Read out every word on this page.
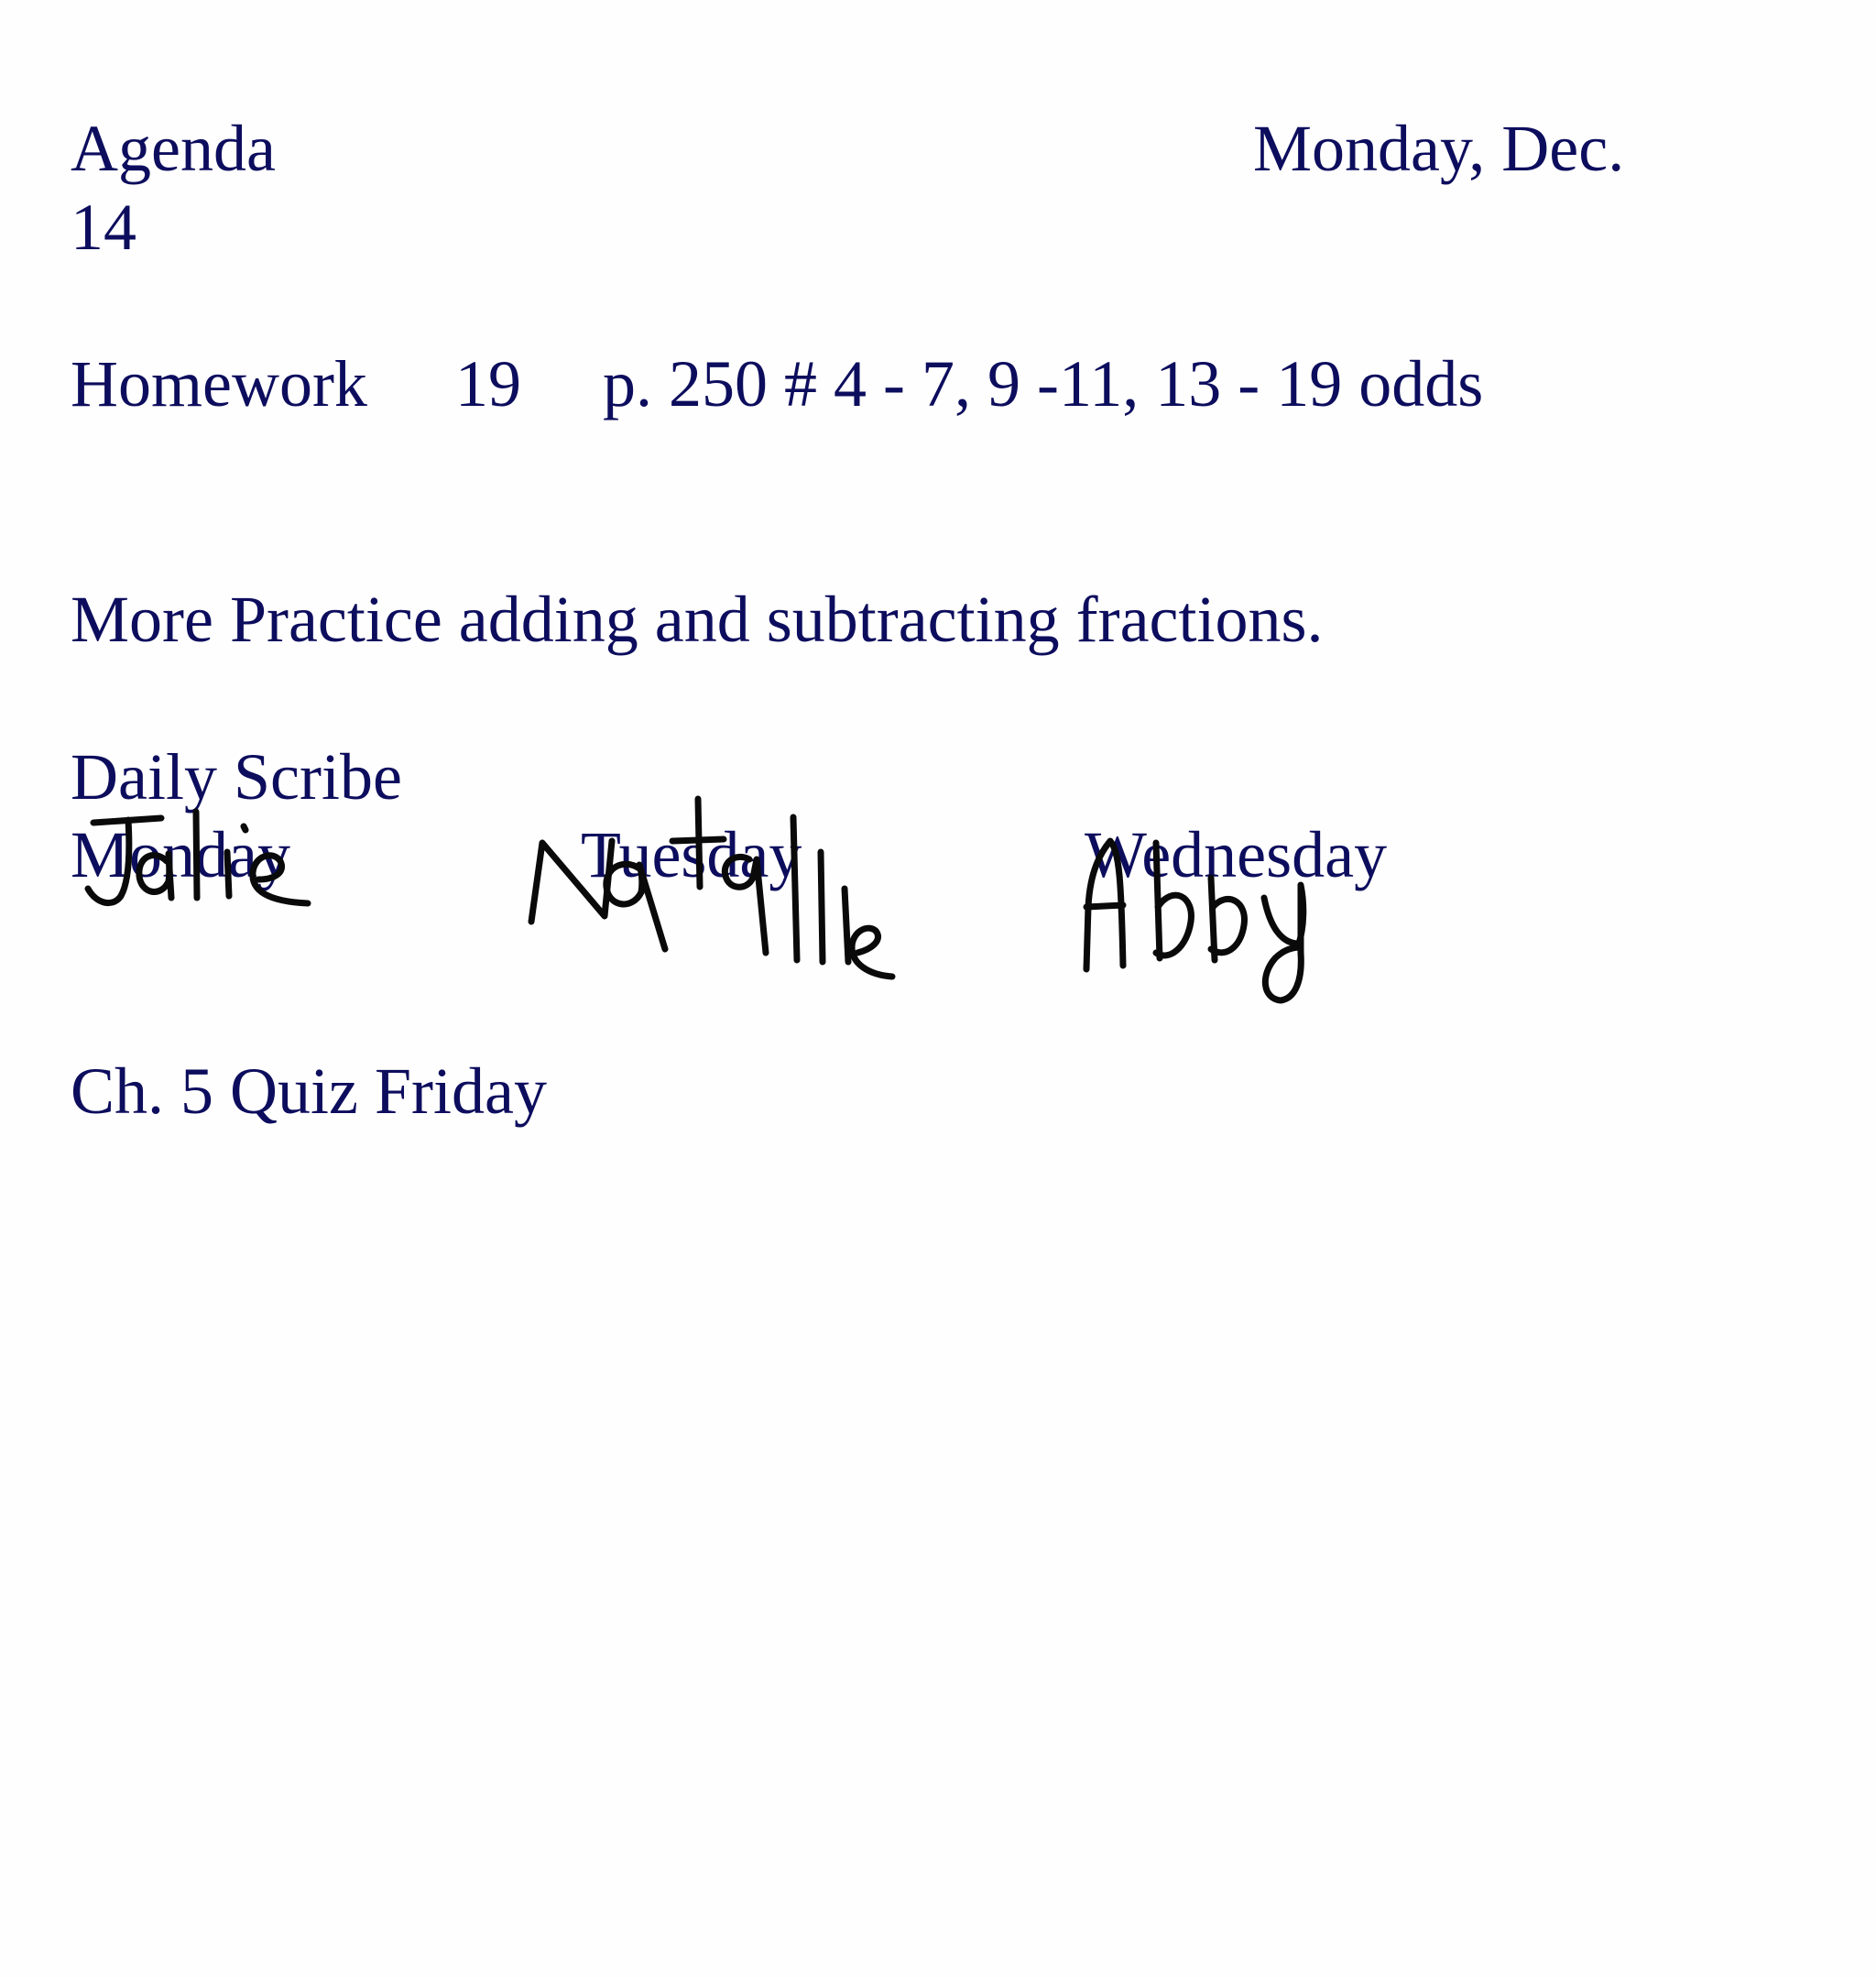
Agenda	Monday, Dec.
14
Homework 19 p. 250 # 4 - 7, 9 -11, 13 - 19 odds
More Practice adding and subtracting fractions.
Daily Scribe
Monday	Tuesday	Wednesday
Ch. 5 Quiz Friday
